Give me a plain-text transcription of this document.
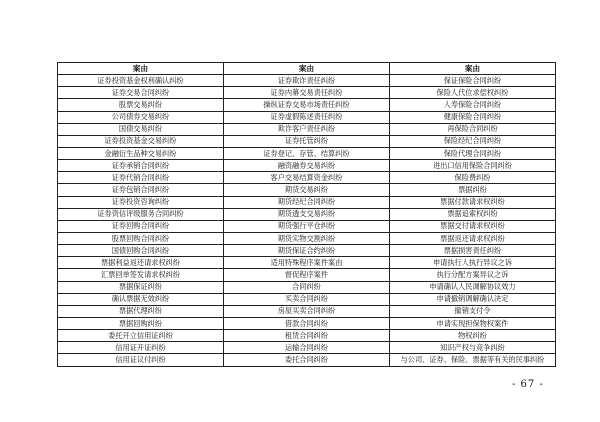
案由	案由	案由
证券投资基金权利确认纠纷	证券欺诈责任纠纷	保证保险合同纠纷
证券交易合同纠纷	证券内幕交易责任纠纷	保险人代位求偿权纠纷
股票交易纠纷	操纵证券交易市场责任纠纷	人寿保险合同纠纷
公司债券交易纠纷	证券虚假陈述责任纠纷	健康保险合同纠纷
国债交易纠纷	欺诈客户责任纠纷	再保险合同纠纷
证券投资基金交易纠纷	证券托管纠纷	保险经纪合同纠纷
金融衍生品种交易纠纷	证券登记、存管、结算纠纷	保险代理合同纠纷
证券承销合同纠纷	融资融券交易纠纷	进出口信用保险合同纠纷
证券代销合同纠纷	客户交易结算资金纠纷	保险费纠纷
证券包销合同纠纷	期货交易纠纷	票据纠纷
证券投资咨询纠纷	期货经纪合同纠纷	票据付款请求权纠纷
证券资信评级服务合同纠纷	期货透支交易纠纷	票据追索权纠纷
证券回购合同纠纷	期货强行平仓纠纷	票据交付请求权纠纷
股票回购合同纠纷	期货实物交割纠纷	票据返还请求权纠纷
国债回购合同纠纷	期货保证合约纠纷	票据损害责任纠纷
票据利益返还请求权纠纷	适用特殊程序案件案由	申请执行人执行异议之诉
汇票回单签发请求权纠纷	督促程序案件	执行分配方案异议之诉
票据保证纠纷	合同纠纷	申请确认人民调解协议效力
确认票据无效纠纷	买卖合同纠纷	申请撤销调解确认决定
票据代理纠纷	房屋买卖合同纠纷	撤销支付令
票据回购纠纷	借款合同纠纷	申请实现担保物权案件
委托开立信用证纠纷	租赁合同纠纷	物权纠纷
信用证开证纠纷	运输合同纠纷	知识产权与竞争纠纷
信用证议付纠纷	委托合同纠纷	与公司、证券、保险、票据等有关的民事纠纷
- 67 -
